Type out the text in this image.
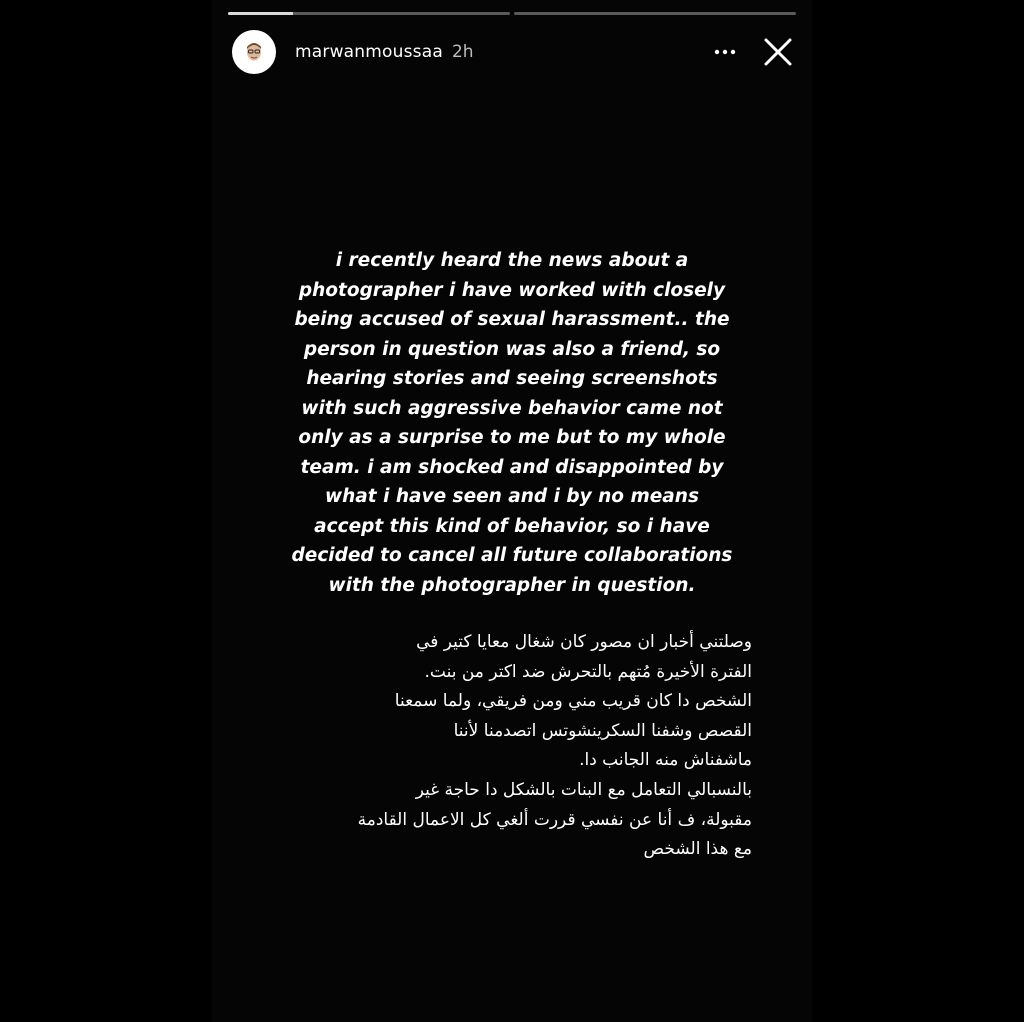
marwanmoussaa 2h

i recently heard the news about a
photographer i have worked with closely
being accused of sexual harassment.. the
person in question was also a friend, so
hearing stories and seeing screenshots
with such aggressive behavior came not
only as a surprise to me but to my whole
team. i am shocked and disappointed by
what i have seen and i by no means
accept this kind of behavior, so i have
decided to cancel all future collaborations
with the photographer in question.

وصلتني أخبار ان مصور كان شغال معايا كتير في
الفترة الأخيرة مُتهم بالتحرش ضد اكتر من بنت.
الشخص دا كان قريب مني ومن فريقي، ولما سمعنا
القصص وشفنا السكرينشوتس اتصدمنا لأننا
ماشفناش منه الجانب دا.
بالنسبالي التعامل مع البنات بالشكل دا حاجة غير
مقبولة، ف أنا عن نفسي قررت ألغي كل الاعمال القادمة
مع هذا الشخص
